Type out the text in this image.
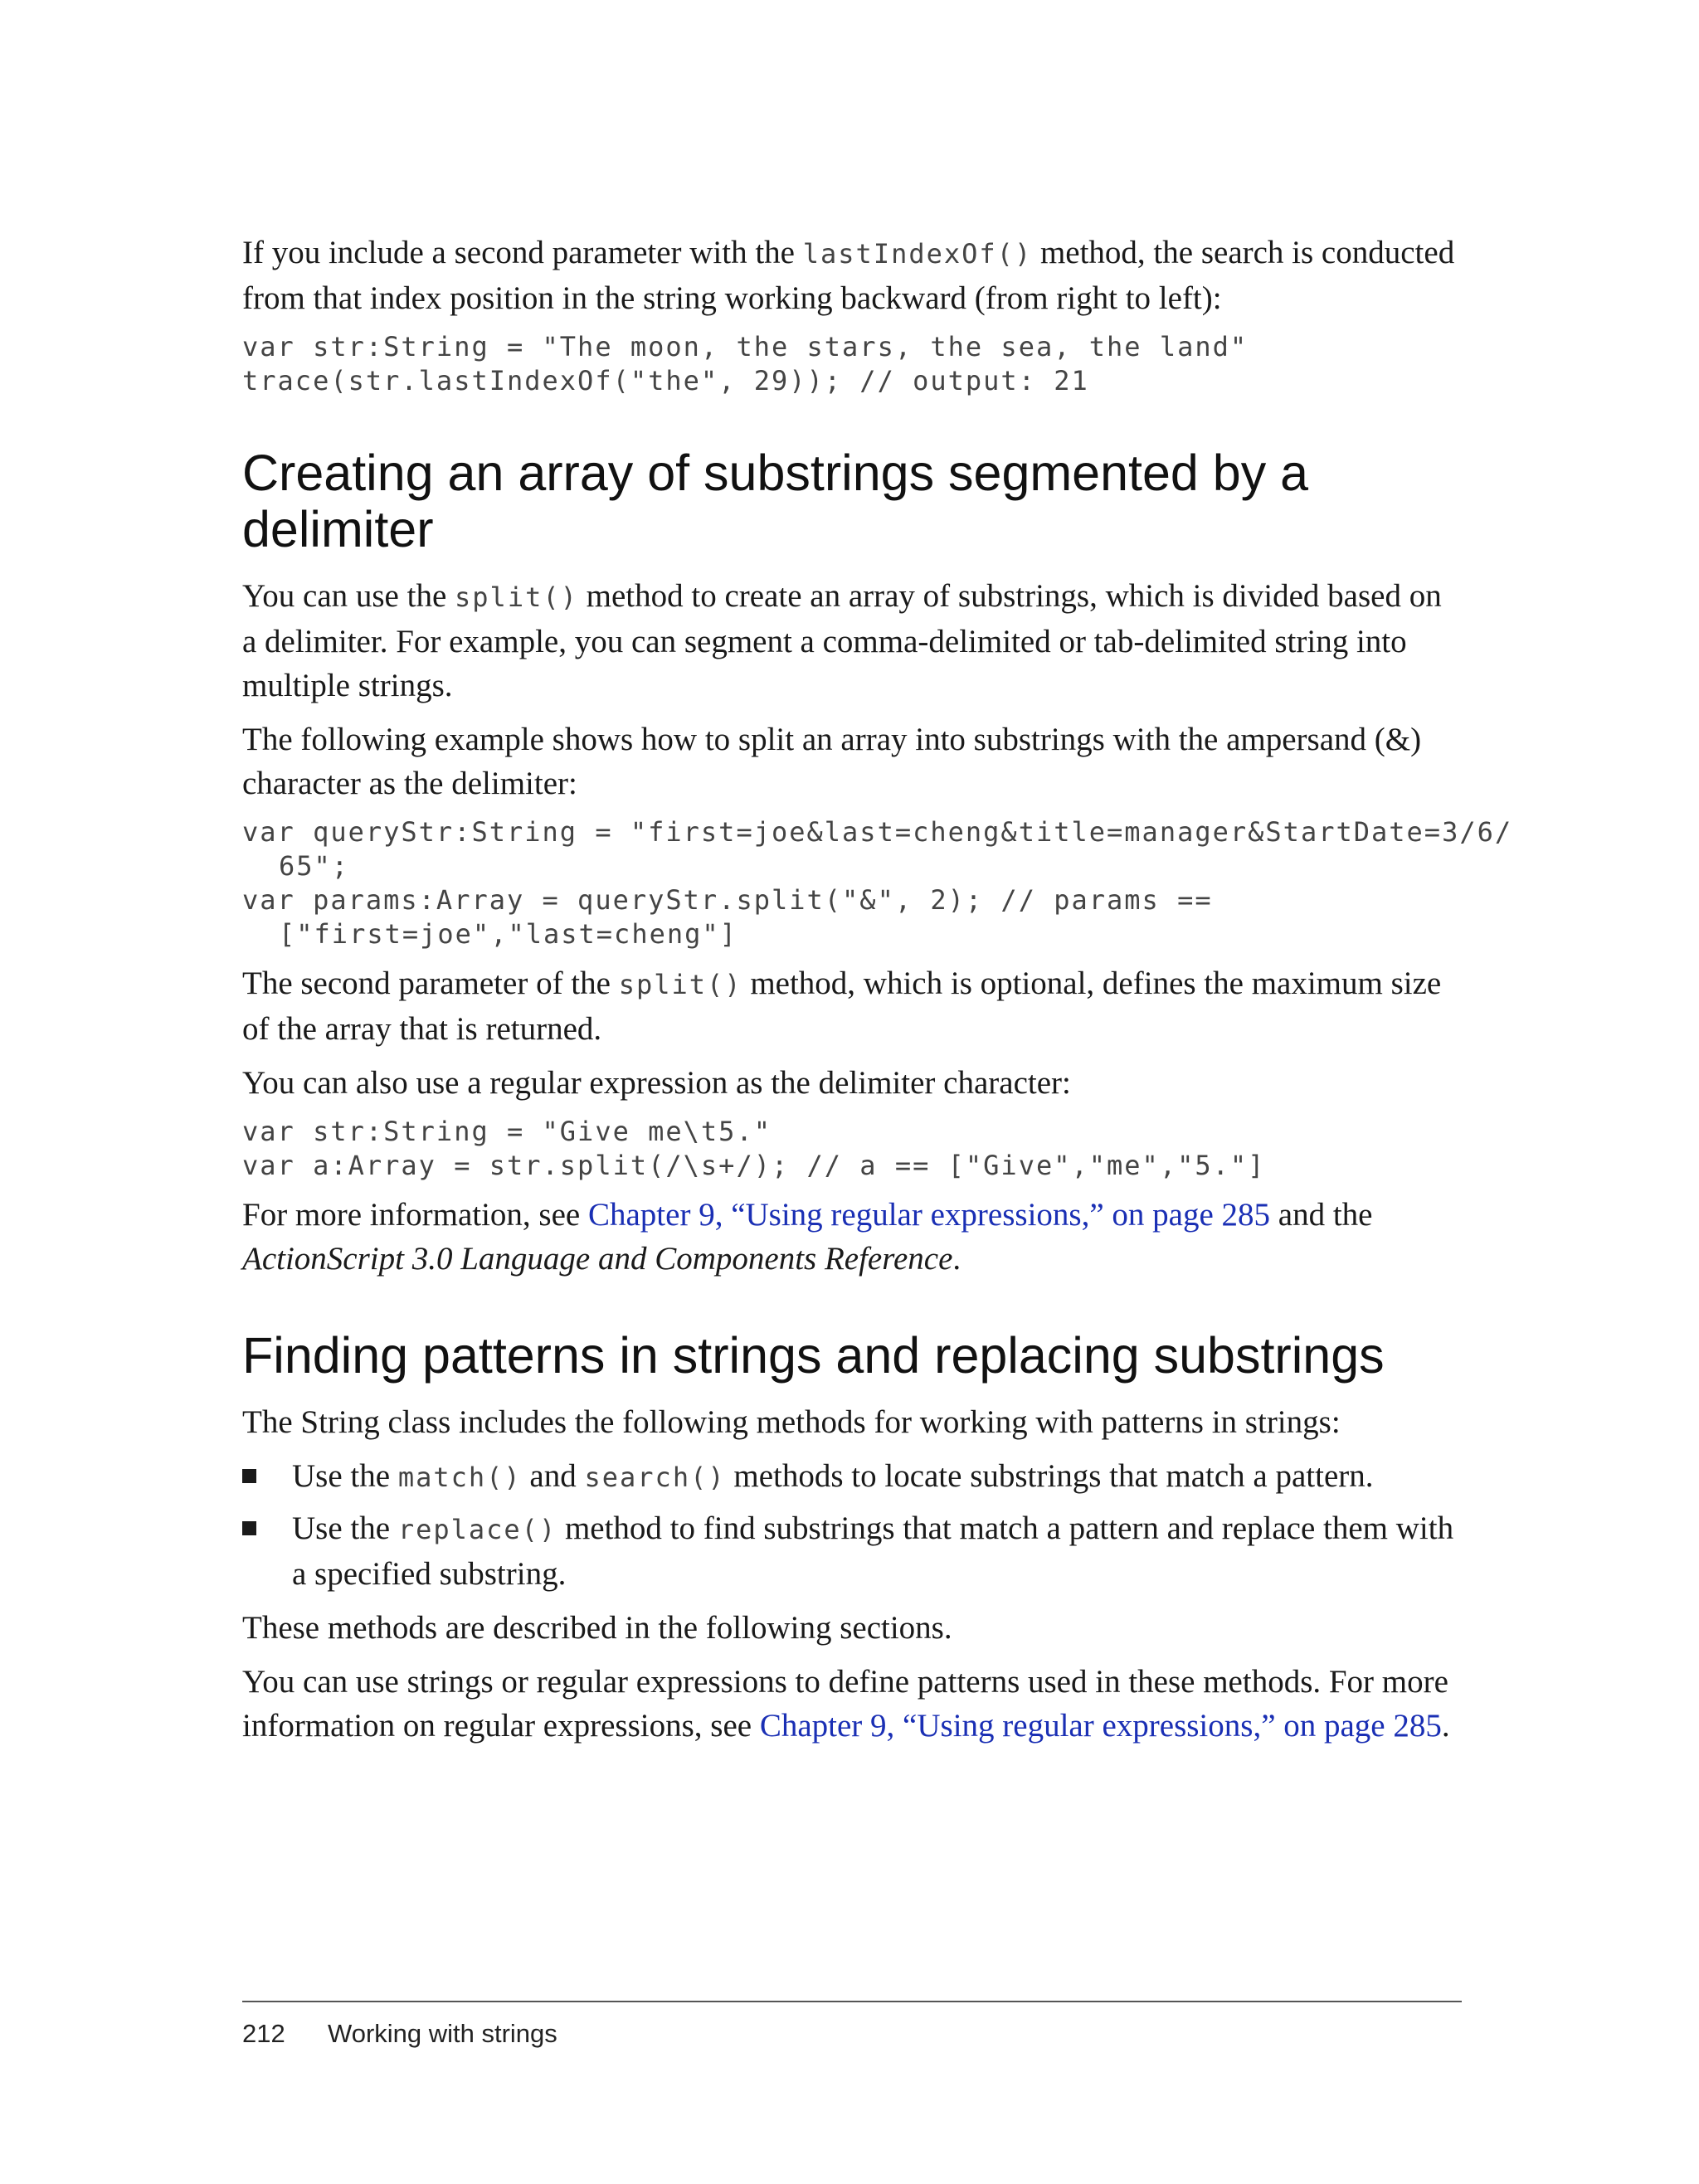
If you include a second parameter with the lastIndexOf() method, the search is conducted from that index position in the string working backward (from right to left):

var str:String = "The moon, the stars, the sea, the land"
trace(str.lastIndexOf("the", 29)); // output: 21
Creating an array of substrings segmented by a delimiter

You can use the split() method to create an array of substrings, which is divided based on a delimiter. For example, you can segment a comma-delimited or tab-delimited string into multiple strings.

The following example shows how to split an array into substrings with the ampersand (&) character as the delimiter:

var queryStr:String = "first=joe&last=cheng&title=manager&StartDate=3/6/
65";
var params:Array = queryStr.split("&", 2); // params ==
["first=joe","last=cheng"]

The second parameter of the split() method, which is optional, defines the maximum size of the array that is returned.

You can also use a regular expression as the delimiter character:

var str:String = "Give me\t5."
var a:Array = str.split(/\s+/); // a == ["Give","me","5."]

For more information, see Chapter 9, “Using regular expressions,” on page 285 and the ActionScript 3.0 Language and Components Reference.

Finding patterns in strings and replacing substrings

The String class includes the following methods for working with patterns in strings:

Use the match() and search() methods to locate substrings that match a pattern.
Use the replace() method to find substrings that match a pattern and replace them with a specified substring.

These methods are described in the following sections.

You can use strings or regular expressions to define patterns used in these methods. For more information on regular expressions, see Chapter 9, “Using regular expressions,” on page 285.

212 Working with strings
